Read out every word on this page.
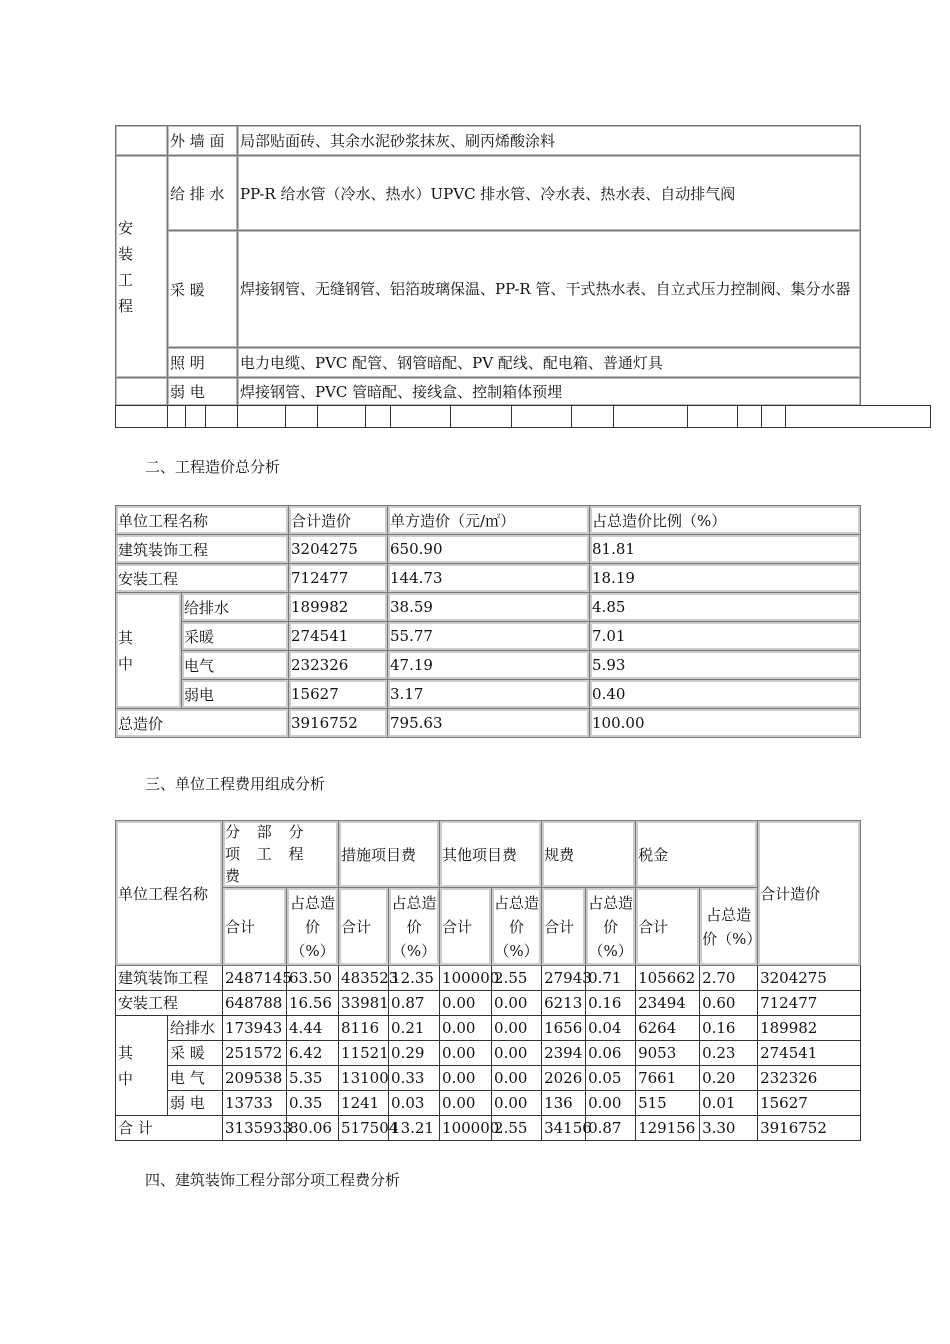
	外 墙 面	局部贴面砖、其余水泥砂浆抹灰、刷丙烯酸涂料

安
装
工
程	给 排 水	PP-R 给水管（冷水、热水）UPVC 排水管、冷水表、热水表、自动排气阀
	采 暖	焊接钢管、无缝钢管、铝箔玻璃保温、PP-R 管、干式热水表、自立式压力控制阀、集分水器
	照 明	电力电缆、PVC 配管、钢管暗配、PV 配线、配电箱、普通灯具
	弱 电	焊接钢管、PVC 管暗配、接线盒、控制箱体预埋

二、工程造价总分析
单位工程名称		合计造价	单方造价（元/㎡）	占总造价比例（%）
建筑装饰工程		3204275	650.90	81.81
安装工程		712477	144.73	18.19
其中	给排水	189982	38.59	4.85
	采暖	274541	55.77	7.01
	电气	232326	47.19	5.93
	弱电	15627	3.17	0.40
总造价		3916752	795.63	100.00
三、单位工程费用组成分析
单位工程名称		分 部 分 项 工 程 费		措施项目费		其他项目费		规费		税金		合计造价
		合计	占总造价（%）	合计	占总造价（%）	合计	占总造价（%）	合计	占总造价（%）	合计	占总造价（%）	
建筑装饰工程		2487145	63.50	483523	12.35	100000	2.55	27943	0.71	105662	2.70	3204275
安装工程		648788	16.56	33981	0.87	0.00	0.00	6213	0.16	23494	0.60	712477
其中	给排水	173943	4.44	8116	0.21	0.00	0.00	1656	0.04	6264	0.16	189982
	采 暖	251572	6.42	11521	0.29	0.00	0.00	2394	0.06	9053	0.23	274541
	电 气	209538	5.35	13100	0.33	0.00	0.00	2026	0.05	7661	0.20	232326
	弱 电	13733	0.35	1241	0.03	0.00	0.00	136	0.00	515	0.01	15627
合 计		3135933	80.06	517504	13.21	100000	2.55	34156	0.87	129156	3.30	3916752
四、建筑装饰工程分部分项工程费分析
